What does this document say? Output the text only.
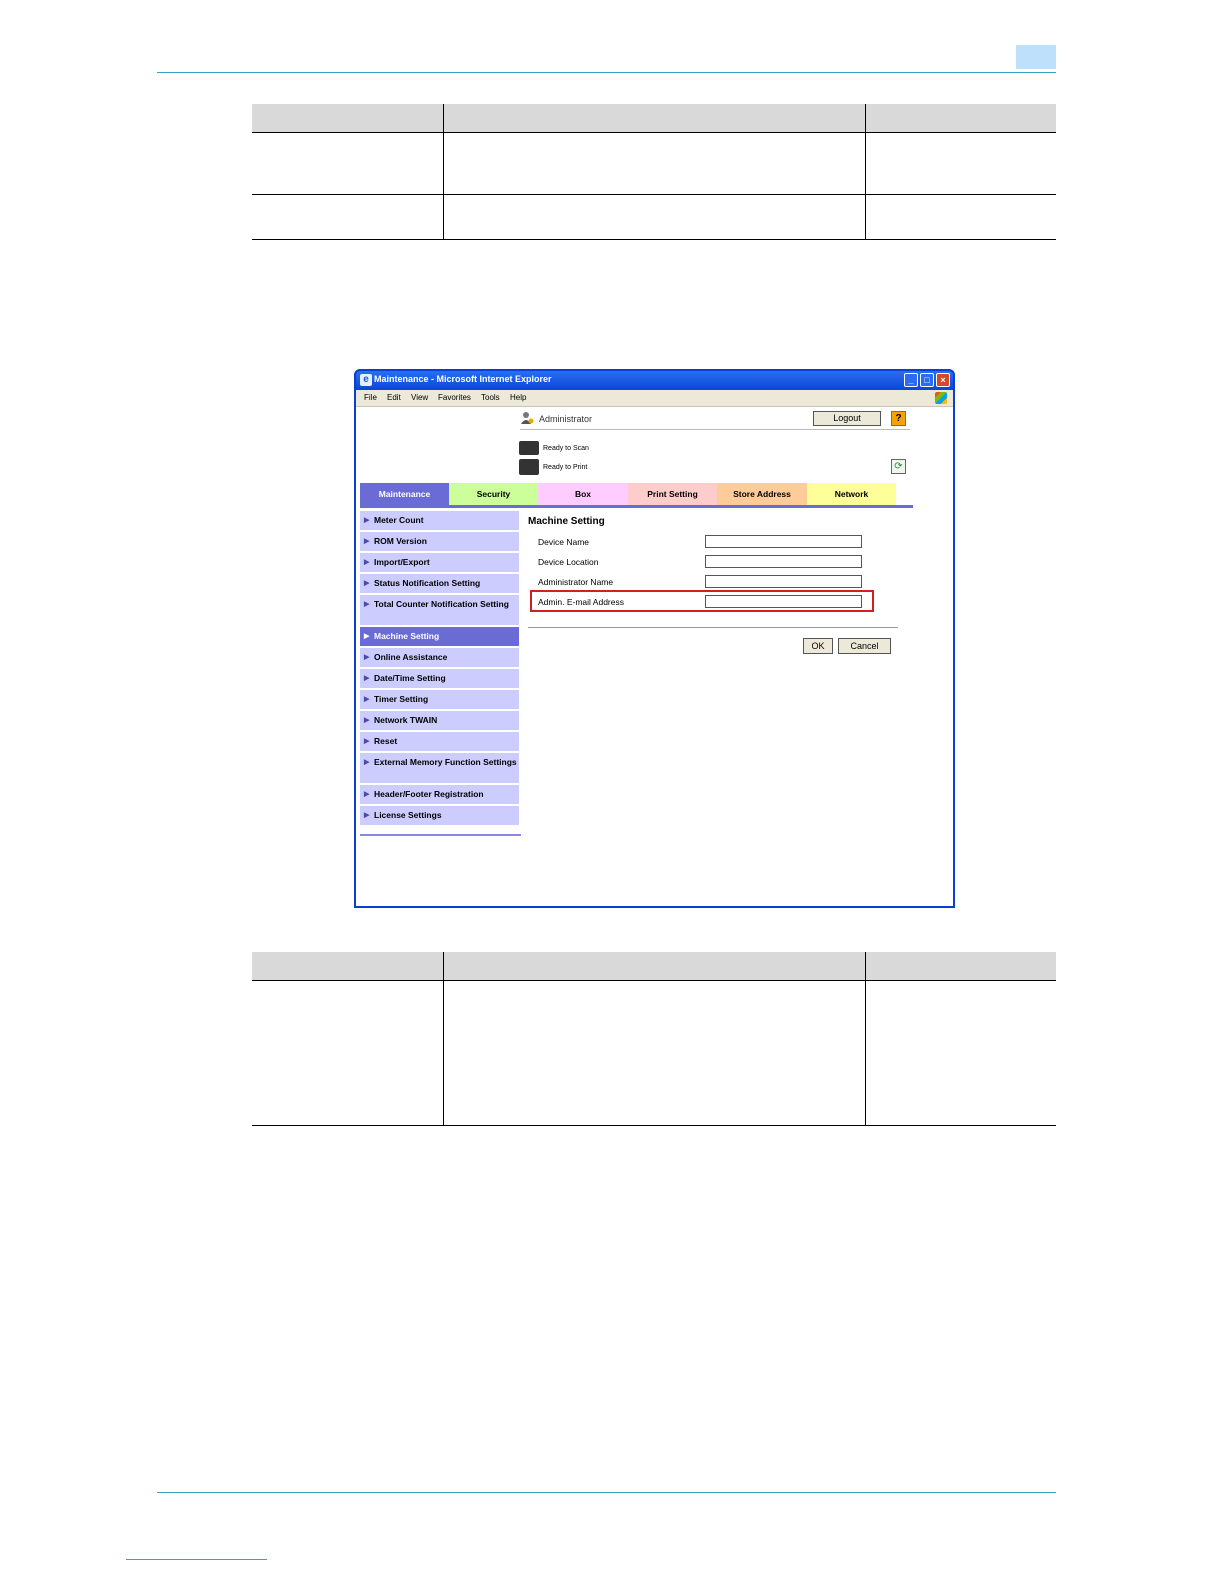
e Maintenance - Microsoft Internet Explorer	_	□	×
File Edit View Favorites Tools Help
Administrator	Logout	?
Ready to Scan
Ready to Print	⟳
Maintenance	Security	Box	Print Setting	Store Address	Network
▶ Meter Count
▶ ROM Version
▶ Import/Export
▶ Status Notification Setting
▶ Total Counter Notification Setting
▶ Machine Setting
▶ Online Assistance
▶ Date/Time Setting
▶ Timer Setting
▶ Network TWAIN
▶ Reset
▶ External Memory Function Settings
▶ Header/Footer Registration
▶ License Settings
Machine Setting
Device Name
Device Location
Administrator Name
Admin. E-mail Address
OK	Cancel
